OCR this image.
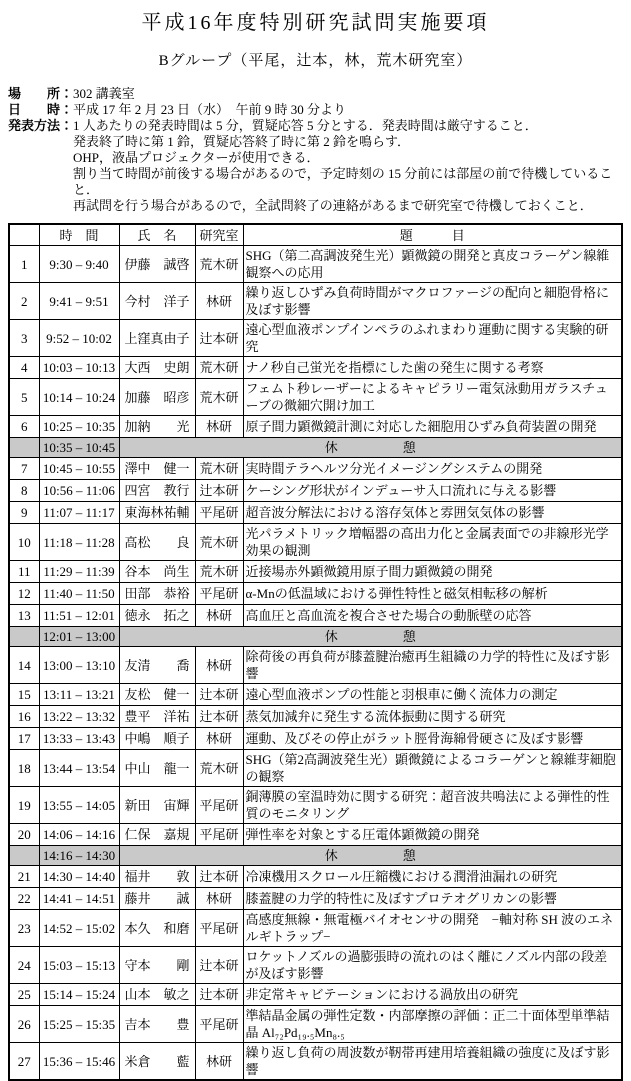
平成16年度特別研究試問実施要項
Bグループ（平尾，辻本，林，荒木研究室）
場　　所： 302 講義室
日　　時： 平成 17 年 2 月 23 日（水）　午前 9 時 30 分より
発表方法： 1 人あたりの発表時間は 5 分，質疑応答 5 分とする．発表時間は厳守すること．
発表終了時に第 1 鈴，質疑応答終了時に第 2 鈴を鳴らす．
OHP，液晶プロジェクターが使用できる．
割り当て時間が前後する場合があるので，予定時刻の 15 分前には部屋の前で待機していること．
再試問を行う場合があるので，全試問終了の連絡があるまで研究室で待機しておくこと．
	時　間	氏　名	研究室	題　　　目
1	9:30 – 9:40	伊藤　誠啓	荒木研	SHG（第二高調波発生光）顕微鏡の開発と真皮コラーゲン線維観察への応用
2	9:41 – 9:51	今村　洋子	林研	繰り返しひずみ負荷時間がマクロファージの配向と細胞骨格に及ぼす影響
3	9:52 – 10:02	上窪真由子	辻本研	遠心型血液ポンプインペラのふれまわり運動に関する実験的研究
4	10:03 – 10:13	大西　史朗	荒木研	ナノ秒自己蛍光を指標にした歯の発生に関する考察
5	10:14 – 10:24	加藤　昭彦	荒木研	フェムト秒レーザーによるキャピラリー電気泳動用ガラスチューブの微細穴開け加工
6	10:25 – 10:35	加納　　光	林研	原子間力顕微鏡計測に対応した細胞用ひずみ負荷装置の開発
	10:35 – 10:45	休　　　　　憩		
7	10:45 – 10:55	澤中　健一	荒木研	実時間テラヘルツ分光イメージングシステムの開発
8	10:56 – 11:06	四宮　教行	辻本研	ケーシング形状がインデューサ入口流れに与える影響
9	11:07 – 11:17	東海林祐輔	平尾研	超音波分解法における溶存気体と雰囲気気体の影響
10	11:18 – 11:28	高松　　良	荒木研	光パラメトリック増幅器の高出力化と金属表面での非線形光学効果の観測
11	11:29 – 11:39	谷本　尚生	荒木研	近接場赤外顕微鏡用原子間力顕微鏡の開発
12	11:40 – 11:50	田部　恭裕	平尾研	α-Mnの低温域における弾性特性と磁気相転移の解析
13	11:51 – 12:01	徳永　拓之	林研	高血圧と高血流を複合させた場合の動脈壁の応答
	12:01 – 13:00	休　　　　　憩		
14	13:00 – 13:10	友清　　喬	林研	除荷後の再負荷が膝蓋腱治癒再生組織の力学的特性に及ぼす影響
15	13:11 – 13:21	友松　健一	辻本研	遠心型血液ポンプの性能と羽根車に働く流体力の測定
16	13:22 – 13:32	豊平　洋祐	辻本研	蒸気加減弁に発生する流体振動に関する研究
17	13:33 – 13:43	中嶋　順子	林研	運動、及びその停止がラット脛骨海綿骨硬さに及ぼす影響
18	13:44 – 13:54	中山　龍一	荒木研	SHG（第2高調波発生光）顕微鏡によるコラーゲンと線維芽細胞の観察
19	13:55 – 14:05	新田　宙輝	平尾研	銅薄膜の室温時効に関する研究：超音波共鳴法による弾性的性質のモニタリング
20	14:06 – 14:16	仁保　嘉規	平尾研	弾性率を対象とする圧電体顕微鏡の開発
	14:16 – 14:30	休　　　　　憩		
21	14:30 – 14:40	福井　　敦	辻本研	冷凍機用スクロール圧縮機における潤滑油漏れの研究
22	14:41 – 14:51	藤井　　誠	林研	膝蓋腱の力学的特性に及ぼすプロテオグリカンの影響
23	14:52 – 15:02	本久　和磨	平尾研	高感度無線・無電極バイオセンサの開発　−軸対称 SH 波のエネルギトラップ−
24	15:03 – 15:13	守本　　剛	辻本研	ロケットノズルの過膨張時の流れのはく離にノズル内部の段差が及ぼす影響
25	15:14 – 15:24	山本　敏之	辻本研	非定常キャビテーションにおける渦放出の研究
26	15:25 – 15:35	吉本　　豊	平尾研	準結晶金属の弾性定数・内部摩擦の評価：正二十面体型単準結晶 Al₇₂Pd₁₉.₅Mn₈.₅
27	15:36 – 15:46	米倉　　藍	林研	繰り返し負荷の周波数が靭帯再建用培養組織の強度に及ぼす影響
